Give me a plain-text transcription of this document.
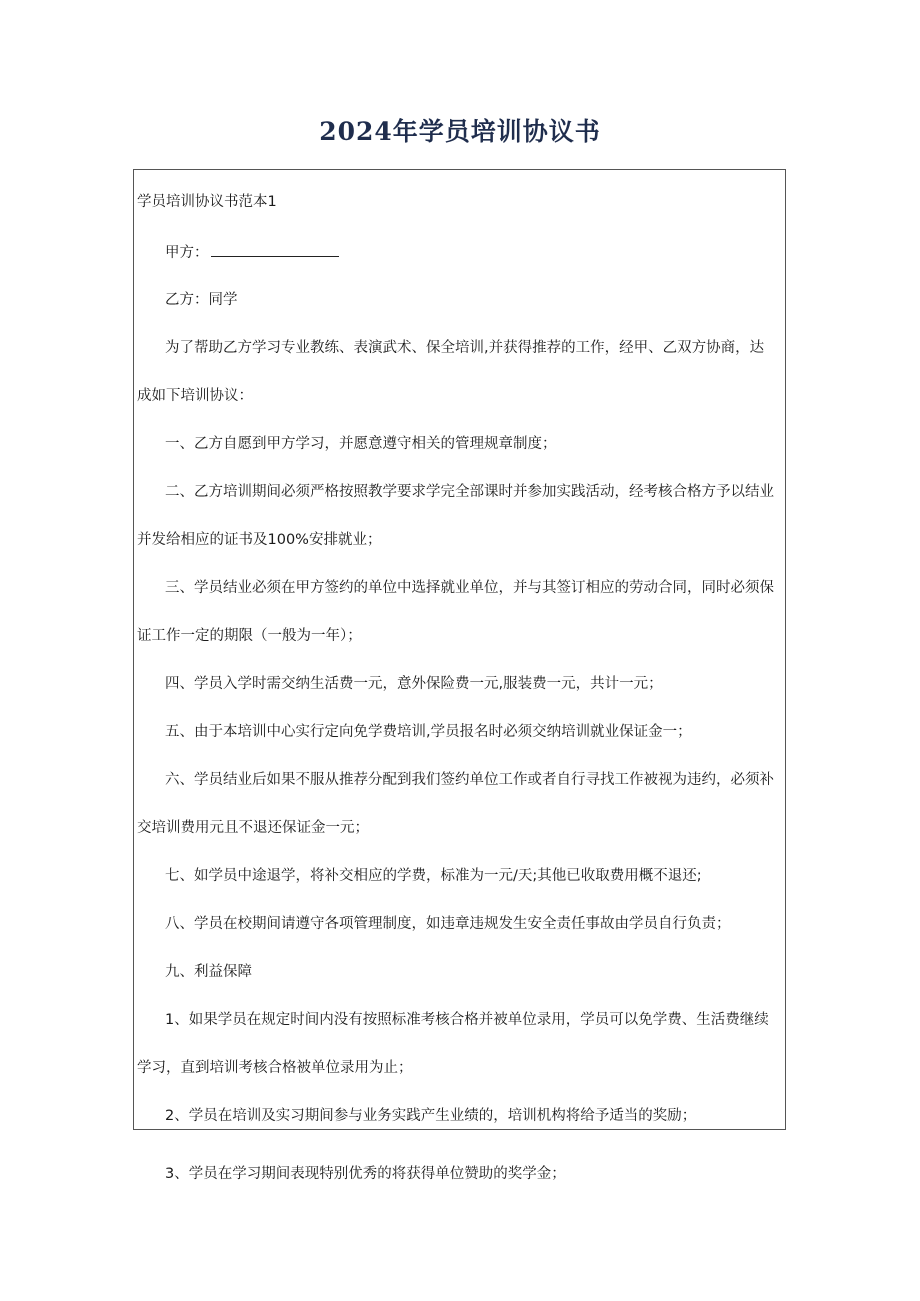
2024年学员培训协议书

学员培训协议书范本1

甲方：

乙方：同学

为了帮助乙方学习专业教练、表演武术、保全培训,并获得推荐的工作，经甲、乙双方协商，达

成如下培训协议：

一、乙方自愿到甲方学习，并愿意遵守相关的管理规章制度；

二、乙方培训期间必须严格按照教学要求学完全部课时并参加实践活动，经考核合格方予以结业

并发给相应的证书及100%安排就业；

三、学员结业必须在甲方签约的单位中选择就业单位，并与其签订相应的劳动合同，同时必须保

证工作一定的期限（一般为一年）；

四、学员入学时需交纳生活费一元，意外保险费一元,服装费一元，共计一元；

五、由于本培训中心实行定向免学费培训,学员报名时必须交纳培训就业保证金一；

六、学员结业后如果不服从推荐分配到我们签约单位工作或者自行寻找工作被视为违约，必须补

交培训费用元且不退还保证金一元；

七、如学员中途退学，将补交相应的学费，标准为一元/天;其他已收取费用概不退还;

八、学员在校期间请遵守各项管理制度，如违章违规发生安全责任事故由学员自行负责；

九、利益保障

1、如果学员在规定时间内没有按照标准考核合格并被单位录用，学员可以免学费、生活费继续

学习，直到培训考核合格被单位录用为止；

2、学员在培训及实习期间参与业务实践产生业绩的，培训机构将给予适当的奖励；

3、学员在学习期间表现特别优秀的将获得单位赞助的奖学金；
